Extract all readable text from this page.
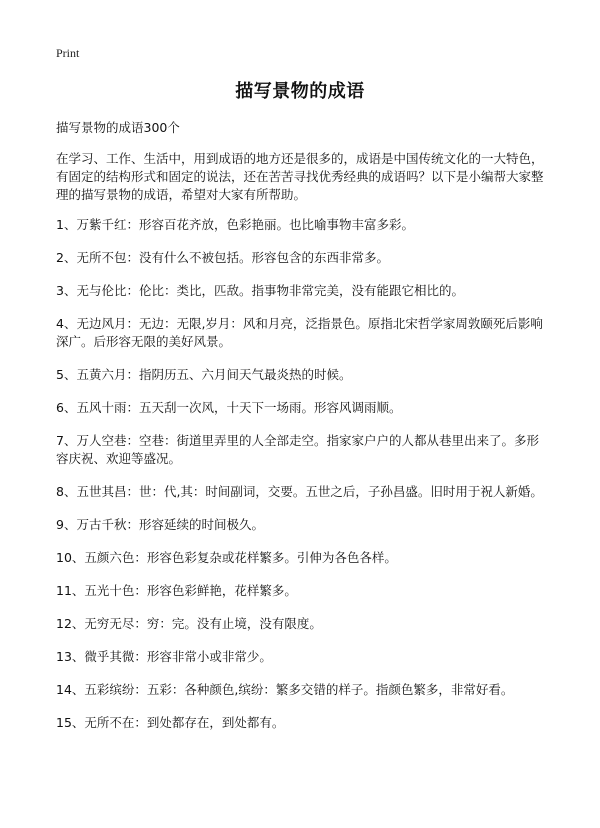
Print
描写景物的成语
描写景物的成语300个
在学习、工作、生活中，用到成语的地方还是很多的，成语是中国传统文化的一大特色，有固定的结构形式和固定的说法，还在苦苦寻找优秀经典的成语吗？以下是小编帮大家整理的描写景物的成语，希望对大家有所帮助。
1、万紫千红：形容百花齐放，色彩艳丽。也比喻事物丰富多彩。
2、无所不包：没有什么不被包括。形容包含的东西非常多。
3、无与伦比：伦比：类比，匹敌。指事物非常完美，没有能跟它相比的。
4、无边风月：无边：无限,岁月：风和月亮，泛指景色。原指北宋哲学家周敦颐死后影响深广。后形容无限的美好风景。
5、五黄六月：指阴历五、六月间天气最炎热的时候。
6、五风十雨：五天刮一次风，十天下一场雨。形容风调雨顺。
7、万人空巷：空巷：街道里弄里的人全部走空。指家家户户的人都从巷里出来了。多形容庆祝、欢迎等盛况。
8、五世其昌：世：代,其：时间副词，交要。五世之后，子孙昌盛。旧时用于祝人新婚。
9、万古千秋：形容延续的时间极久。
10、五颜六色：形容色彩复杂或花样繁多。引伸为各色各样。
11、五光十色：形容色彩鲜艳，花样繁多。
12、无穷无尽：穷：完。没有止境，没有限度。
13、微乎其微：形容非常小或非常少。
14、五彩缤纷：五彩：各种颜色,缤纷：繁多交错的样子。指颜色繁多，非常好看。
15、无所不在：到处都存在，到处都有。
